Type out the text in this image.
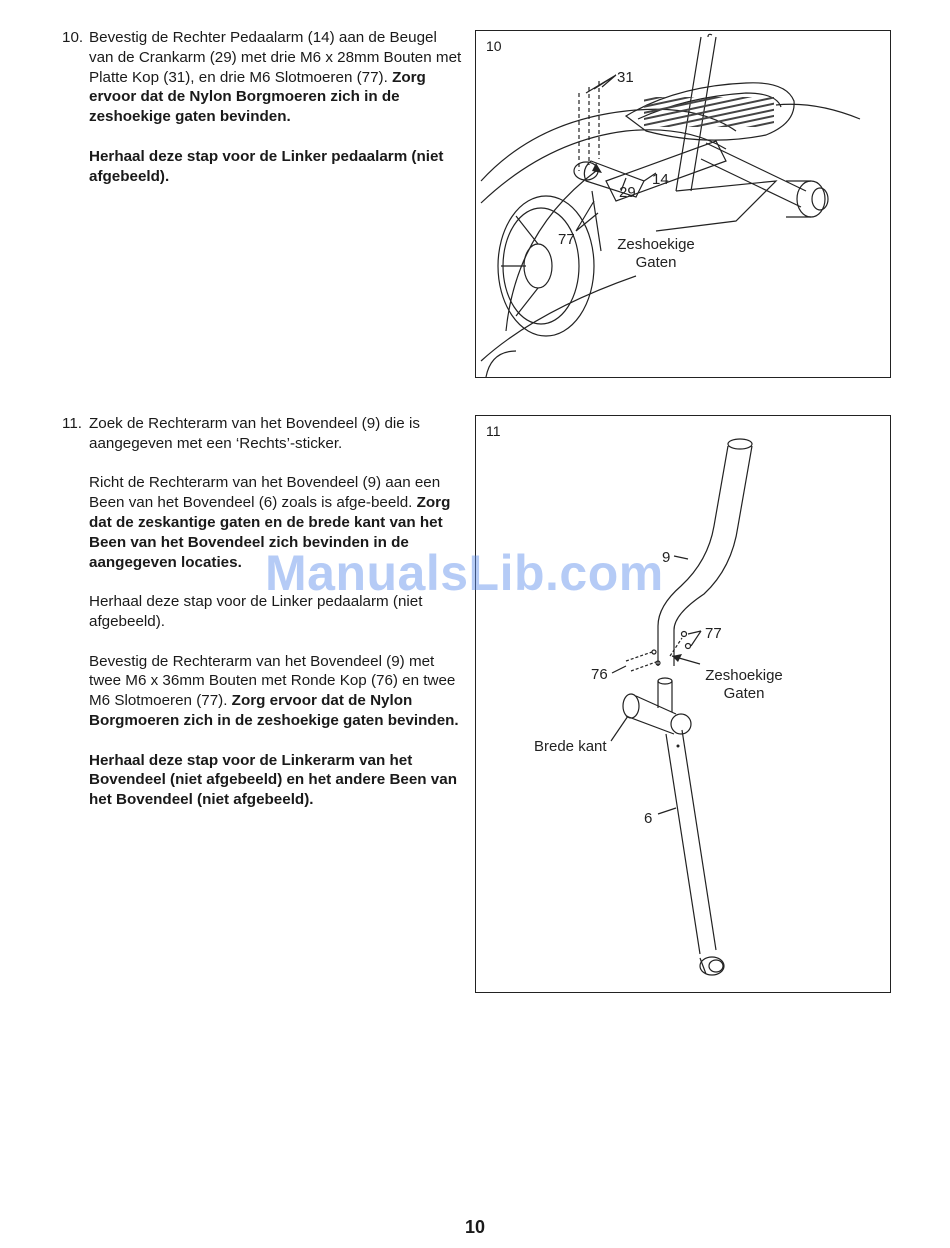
10. Bevestig de Rechter Pedaalarm (14) aan de Beugel van de Crankarm (29) met drie M6 x 28mm Bouten met Platte Kop (31), en drie M6 Slotmoeren (77). Zorg ervoor dat de Nylon Borgmoeren zich in de zeshoekige gaten bevinden.

Herhaal deze stap voor de Linker pedaalarm (niet afgebeeld).

11. Zoek de Rechterarm van het Bovendeel (9) die is aangegeven met een ‘Rechts’-sticker.

Richt de Rechterarm van het Bovendeel (9) aan een Been van het Bovendeel (6) zoals is afge-beeld. Zorg dat de zeskantige gaten en de brede kant van het Been van het Bovendeel zich bevinden in de aangegeven locaties.

Herhaal deze stap voor de Linker pedaalarm (niet afgebeeld).

Bevestig de Rechterarm van het Bovendeel (9) met twee M6 x 36mm Bouten met Ronde Kop (76) en twee M6 Slotmoeren (77). Zorg ervoor dat de Nylon Borgmoeren zich in de zeshoekige gaten bevinden.

Herhaal deze stap voor de Linkerarm van het Bovendeel (niet afgebeeld) en het andere Been van het Bovendeel (niet afgebeeld).

10
31
14
29
77	Zeshoekige
Gaten
11
9
77
76	Zeshoekige
Gaten
Brede kant
6
ManualsLib.com
10
